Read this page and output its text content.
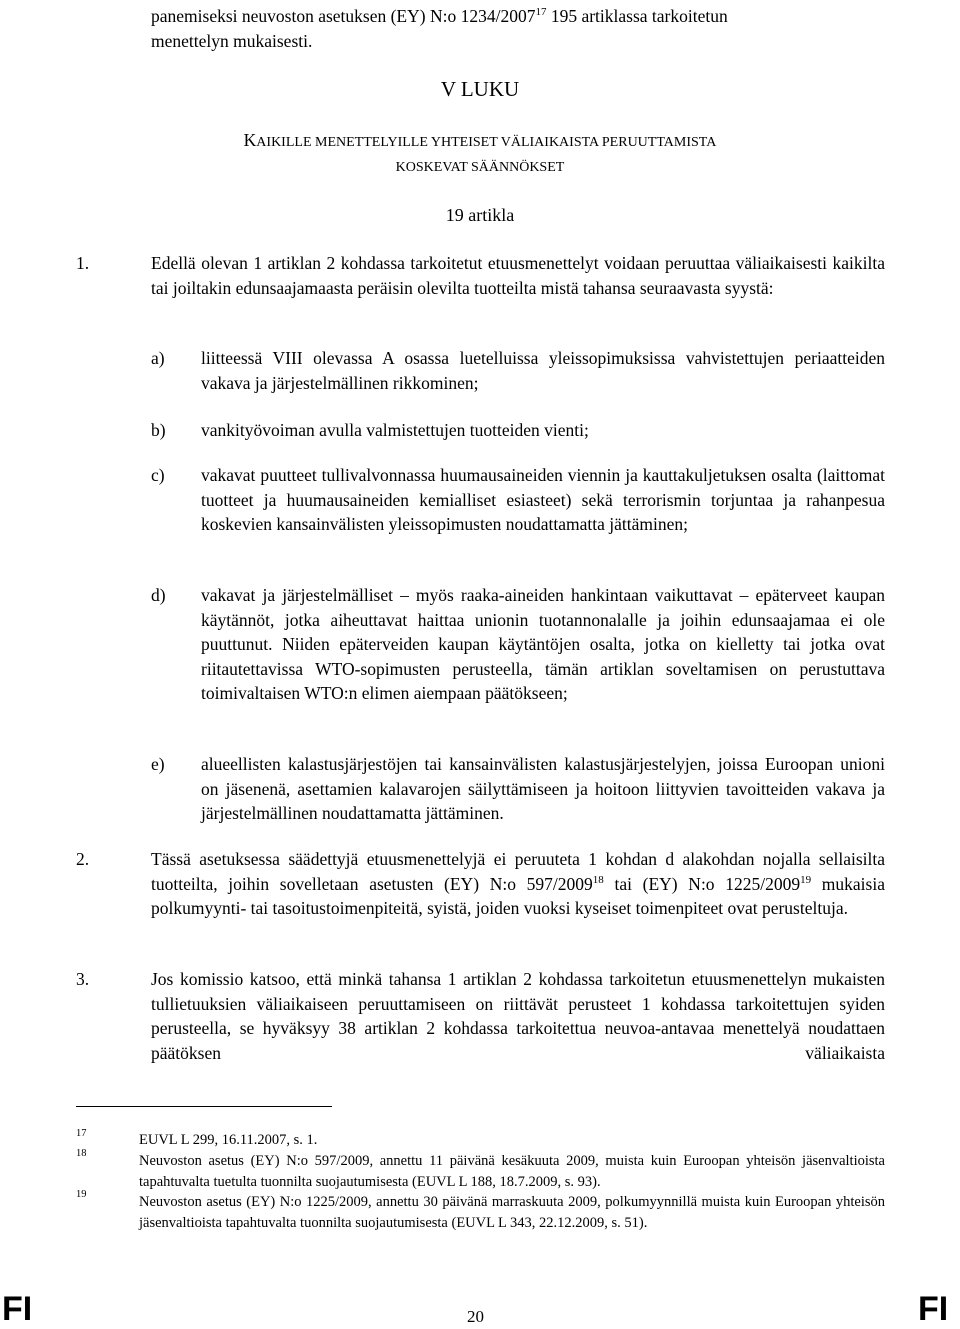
panemiseksi neuvoston asetuksen (EY) N:o 1234/2007$^{17}$ 195 artiklassa tarkoitetun
menettelyn mukaisesti.
V LUKU
KAIKILLE MENETTELYILLE YHTEISET VÄLIAIKAISTA PERUUTTAMISTA
KOSKEVAT SÄÄNNÖKSET
19 artikla
1.	Edellä olevan 1 artiklan 2 kohdassa tarkoitetut etuusmenettelyt voidaan peruuttaa väliaikaisesti kaikilta tai joiltakin edunsaajamaasta peräisin olevilta tuotteilta mistä tahansa seuraavasta syystä:
a) liitteessä VIII olevassa A osassa luetelluissa yleissopimuksissa vahvistettujen periaatteiden vakava ja järjestelmällinen rikkominen;
b) vankityövoiman avulla valmistettujen tuotteiden vienti;
c) vakavat puutteet tullivalvonnassa huumausaineiden viennin ja kauttakuljetuksen osalta (laittomat tuotteet ja huumausaineiden kemialliset esiasteet) sekä terrorismin torjuntaa ja rahanpesua koskevien kansainvälisten yleissopimusten noudattamatta jättäminen;
d) vakavat ja järjestelmälliset – myös raaka-aineiden hankintaan vaikuttavat – epäterveet kaupan käytännöt, jotka aiheuttavat haittaa unionin tuotannonalalle ja joihin edunsaajamaa ei ole puuttunut. Niiden epäterveiden kaupan käytäntöjen osalta, jotka on kielletty tai jotka ovat riitautettavissa WTO-sopimusten perusteella, tämän artiklan soveltamisen on perustuttava toimivaltaisen WTO:n elimen aiempaan päätökseen;
e) alueellisten kalastusjärjestöjen tai kansainvälisten kalastusjärjestelyjen, joissa Euroopan unioni on jäsenenä, asettamien kalavarojen säilyttämiseen ja hoitoon liittyvien tavoitteiden vakava ja järjestelmällinen noudattamatta jättäminen.
2.	Tässä asetuksessa säädettyjä etuusmenettelyjä ei peruuteta 1 kohdan d alakohdan nojalla sellaisilta tuotteilta, joihin sovelletaan asetusten (EY) N:o 597/2009$^{18}$ tai (EY) N:o 1225/2009$^{19}$ mukaisia polkumyynti- tai tasoitustoimenpiteitä, syistä, joiden vuoksi kyseiset toimenpiteet ovat perusteltuja.
3.	Jos komissio katsoo, että minkä tahansa 1 artiklan 2 kohdassa tarkoitetun etuusmenettelyn mukaisten tullietuuksien väliaikaiseen peruuttamiseen on riittävät perusteet 1 kohdassa tarkoitettujen syiden perusteella, se hyväksyy 38 artiklan 2 kohdassa tarkoitettua neuvoa-antavaa menettelyä noudattaen päätöksen väliaikaista
17	EUVL L 299, 16.11.2007, s. 1.
18	Neuvoston asetus (EY) N:o 597/2009, annettu 11 päivänä kesäkuuta 2009, muista kuin Euroopan yhteisön jäsenvaltioista tapahtuvalta tuetulta tuonnilta suojautumisesta (EUVL L 188, 18.7.2009, s. 93).
19	Neuvoston asetus (EY) N:o 1225/2009, annettu 30 päivänä marraskuuta 2009, polkumyynnillä muista kuin Euroopan yhteisön jäsenvaltioista tapahtuvalta tuonnilta suojautumisesta (EUVL L 343, 22.12.2009, s. 51).
FI	20	FI
